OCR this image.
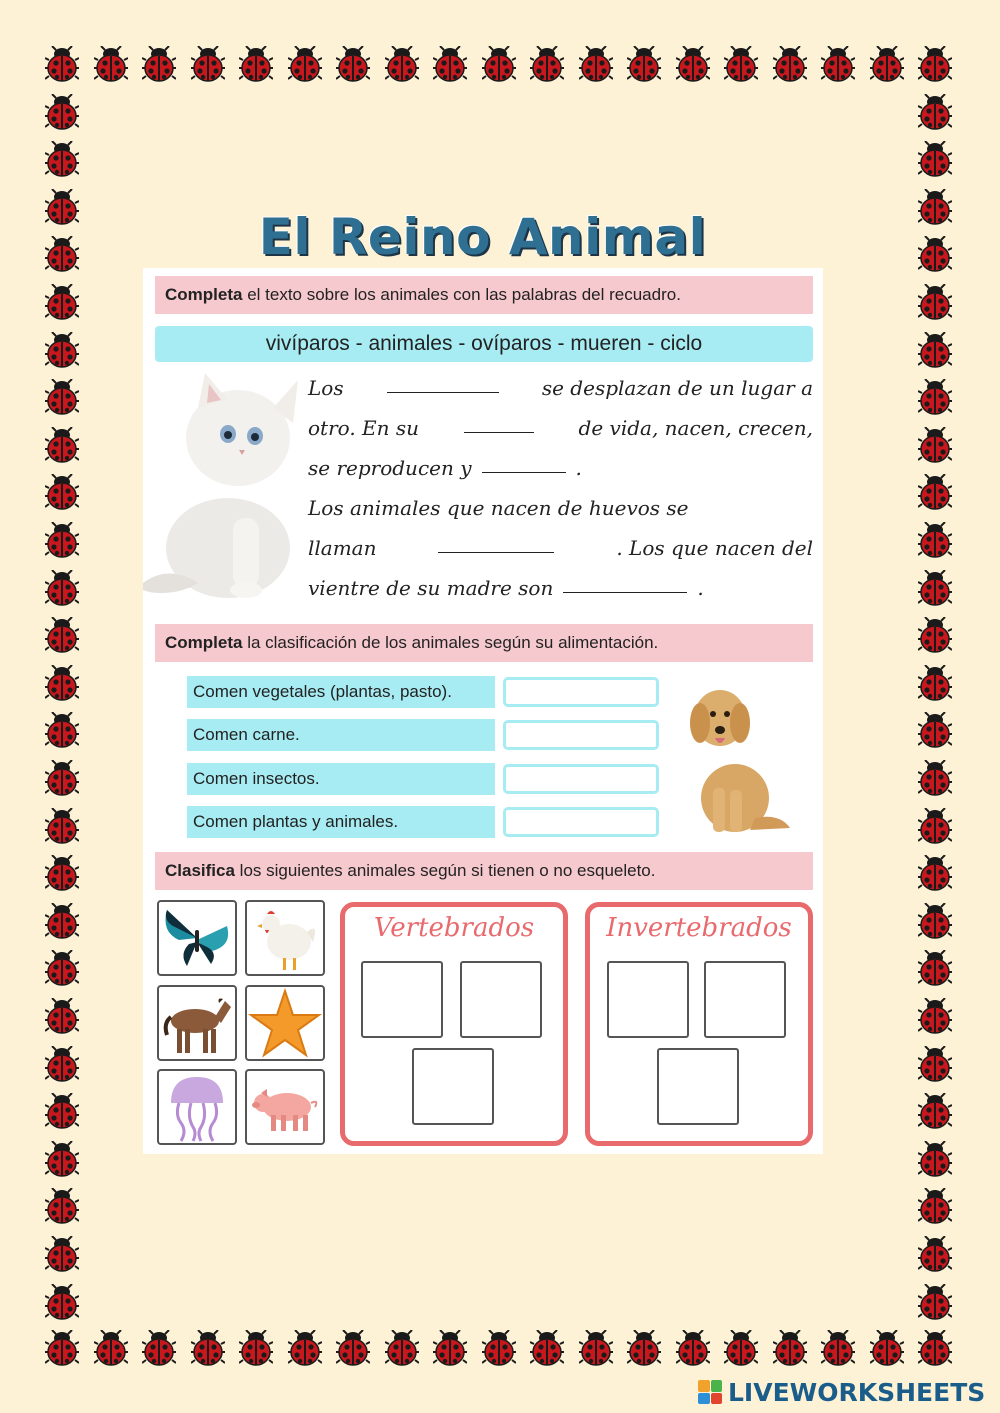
El Reino Animal
Completa el texto sobre los animales con las palabras del recuadro.
vivíparos - animales - ovíparos - mueren - ciclo
Los	se desplazan de un lugar a
otro. En su	de vida, nacen, crecen,
se reproducen y	.
Los animales que nacen de huevos se
llaman	. Los que nacen del
vientre de su madre son	.
Completa la clasificación de los animales según su alimentación.
Comen vegetales (plantas, pasto).
Comen carne.
Comen insectos.
Comen plantas y animales.
Clasifica los siguientes animales según si tienen o no esqueleto.
Vertebrados	Invertebrados
LIVEWORKSHEETS
